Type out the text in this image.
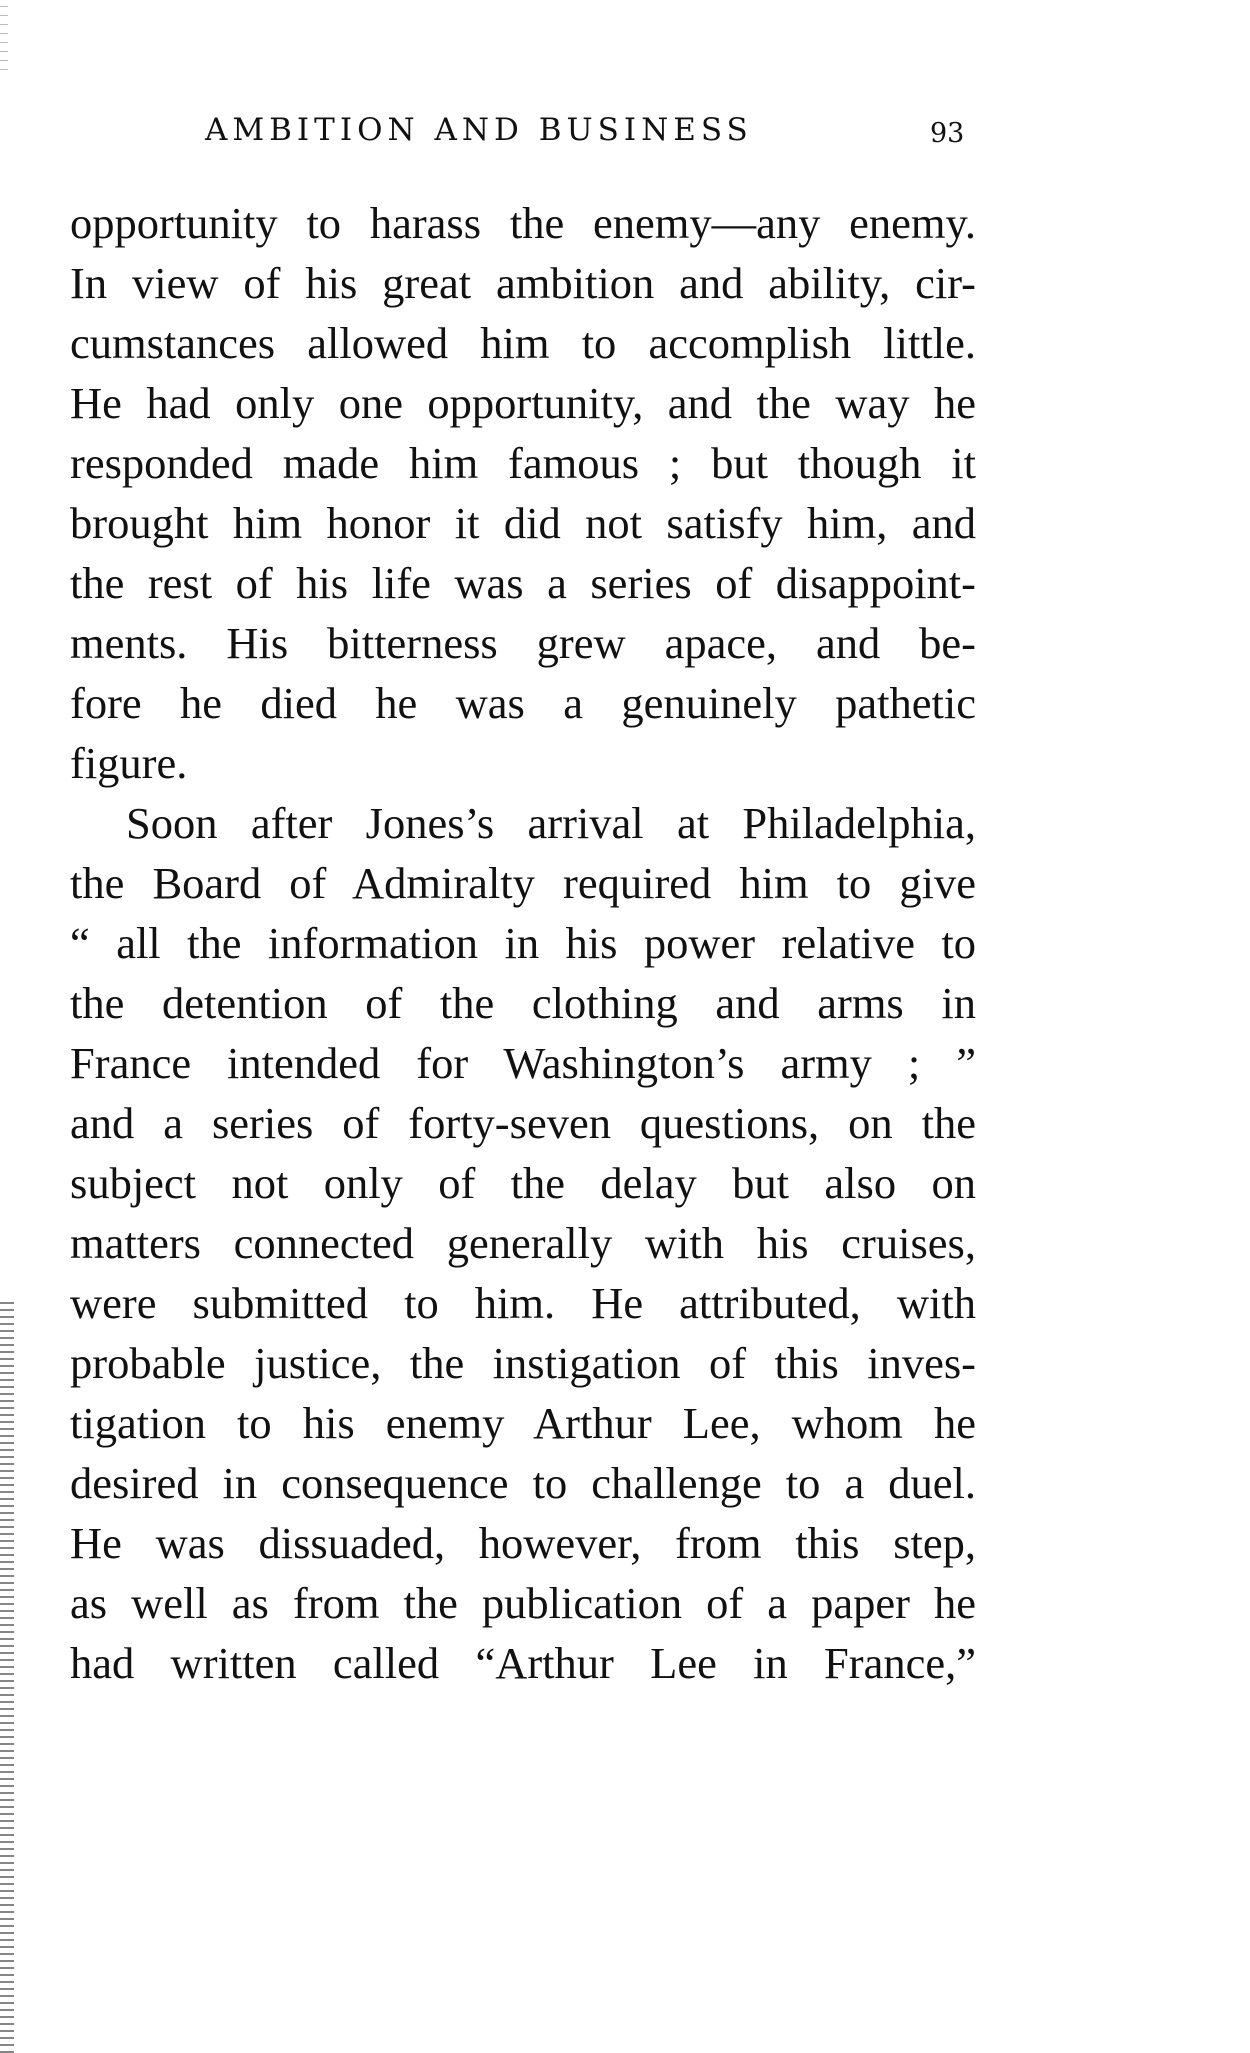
AMBITION AND BUSINESS	93
opportunity to harass the enemy—any enemy.
In view of his great ambition and ability, cir-
cumstances allowed him to accomplish little.
He had only one opportunity, and the way he
responded made him famous ; but though it
brought him honor it did not satisfy him, and
the rest of his life was a series of disappoint-
ments. His bitterness grew apace, and be-
fore he died he was a genuinely pathetic
figure.
Soon after Jones’s arrival at Philadelphia,
the Board of Admiralty required him to give
“ all the information in his power relative to
the detention of the clothing and arms in
France intended for Washington’s army ; ”
and a series of forty-seven questions, on the
subject not only of the delay but also on
matters connected generally with his cruises,
were submitted to him. He attributed, with
probable justice, the instigation of this inves-
tigation to his enemy Arthur Lee, whom he
desired in consequence to challenge to a duel.
He was dissuaded, however, from this step,
as well as from the publication of a paper he
had written called “Arthur Lee in France,”
